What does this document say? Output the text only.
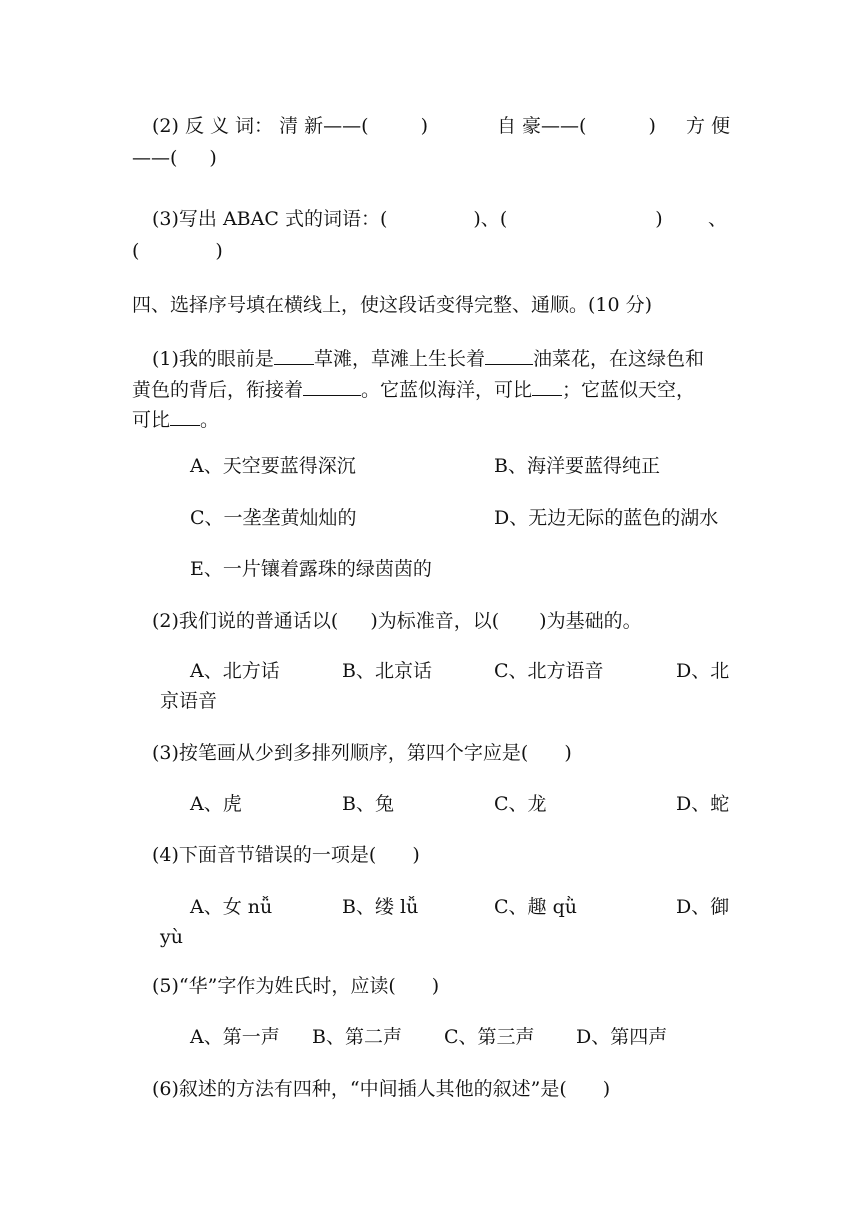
(2) 反 义 词： 清 新——(	)	自 豪——(	) 方 便
——( )
(3)写出 ABAC 式的词语：(	)、(	) 、
(	)
四、选择序号填在横线上，使这段话变得完整、通顺。(10 分)
(1)我的眼前是 草滩，草滩上生长着	油菜花，在这绿色和
黄色的背后，衔接着	。它蓝似海洋，可比 ；它蓝似天空，
可比 。
A、天空要蓝得深沉	B、海洋要蓝得纯正
C、一垄垄黄灿灿的	D、无边无际的蓝色的湖水
E、一片镶着露珠的绿茵茵的
(2)我们说的普通话以( )为标准音，以( )为基础的。
A、北方话	B、北京话	C、北方语音	D、北
京语音
(3)按笔画从少到多排列顺序，第四个字应是( )
A、虎	B、兔	C、龙	D、蛇
(4)下面音节错误的一项是( )
A、女 nǚ	B、缕 lǚ	C、趣 qǜ	D、御
yù
(5)“华”字作为姓氏时，应读( )
A、第一声 B、第二声 C、第三声 D、第四声
(6)叙述的方法有四种，“中间插人其他的叙述”是( )
